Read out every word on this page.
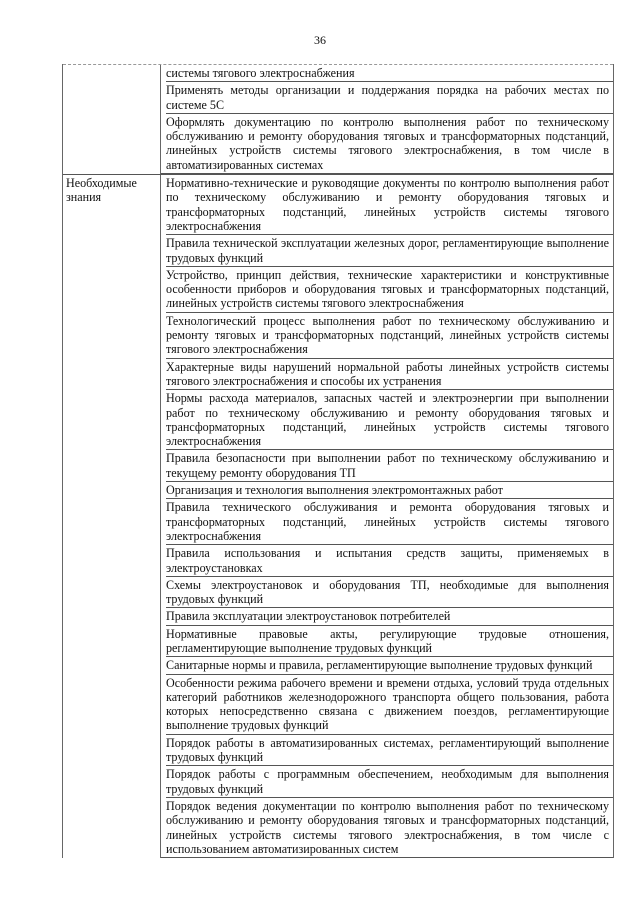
36
системы тягового электроснабжения
Применять методы организации и поддержания порядка на рабочих местах по системе 5С
Оформлять документацию по контролю выполнения работ по техническому обслуживанию и ремонту оборудования тяговых и трансформаторных подстанций, линейных устройств системы тягового электроснабжения, в том числе в автоматизированных системах
Необходимые знания
Нормативно-технические и руководящие документы по контролю выполнения работ по техническому обслуживанию и ремонту оборудования тяговых и трансформаторных подстанций, линейных устройств системы тягового электроснабжения
Правила технической эксплуатации железных дорог, регламентирующие выполнение трудовых функций
Устройство, принцип действия, технические характеристики и конструктивные особенности приборов и оборудования тяговых и трансформаторных подстанций, линейных устройств системы тягового электроснабжения
Технологический процесс выполнения работ по техническому обслуживанию и ремонту тяговых и трансформаторных подстанций, линейных устройств системы тягового электроснабжения
Характерные виды нарушений нормальной работы линейных устройств системы тягового электроснабжения и способы их устранения
Нормы расхода материалов, запасных частей и электроэнергии при выполнении работ по техническому обслуживанию и ремонту оборудования тяговых и трансформаторных подстанций, линейных устройств системы тягового электроснабжения
Правила безопасности при выполнении работ по техническому обслуживанию и текущему ремонту оборудования ТП
Организация и технология выполнения электромонтажных работ
Правила технического обслуживания и ремонта оборудования тяговых и трансформаторных подстанций, линейных устройств системы тягового электроснабжения
Правила использования и испытания средств защиты, применяемых в электроустановках
Схемы электроустановок и оборудования ТП, необходимые для выполнения трудовых функций
Правила эксплуатации электроустановок потребителей
Нормативные правовые акты, регулирующие трудовые отношения, регламентирующие выполнение трудовых функций
Санитарные нормы и правила, регламентирующие выполнение трудовых функций
Особенности режима рабочего времени и времени отдыха, условий труда отдельных категорий работников железнодорожного транспорта общего пользования, работа которых непосредственно связана с движением поездов, регламентирующие выполнение трудовых функций
Порядок работы в автоматизированных системах, регламентирующий выполнение трудовых функций
Порядок работы с программным обеспечением, необходимым для выполнения трудовых функций
Порядок ведения документации по контролю выполнения работ по техническому обслуживанию и ремонту оборудования тяговых и трансформаторных подстанций, линейных устройств системы тягового электроснабжения, в том числе с использованием автоматизированных систем
